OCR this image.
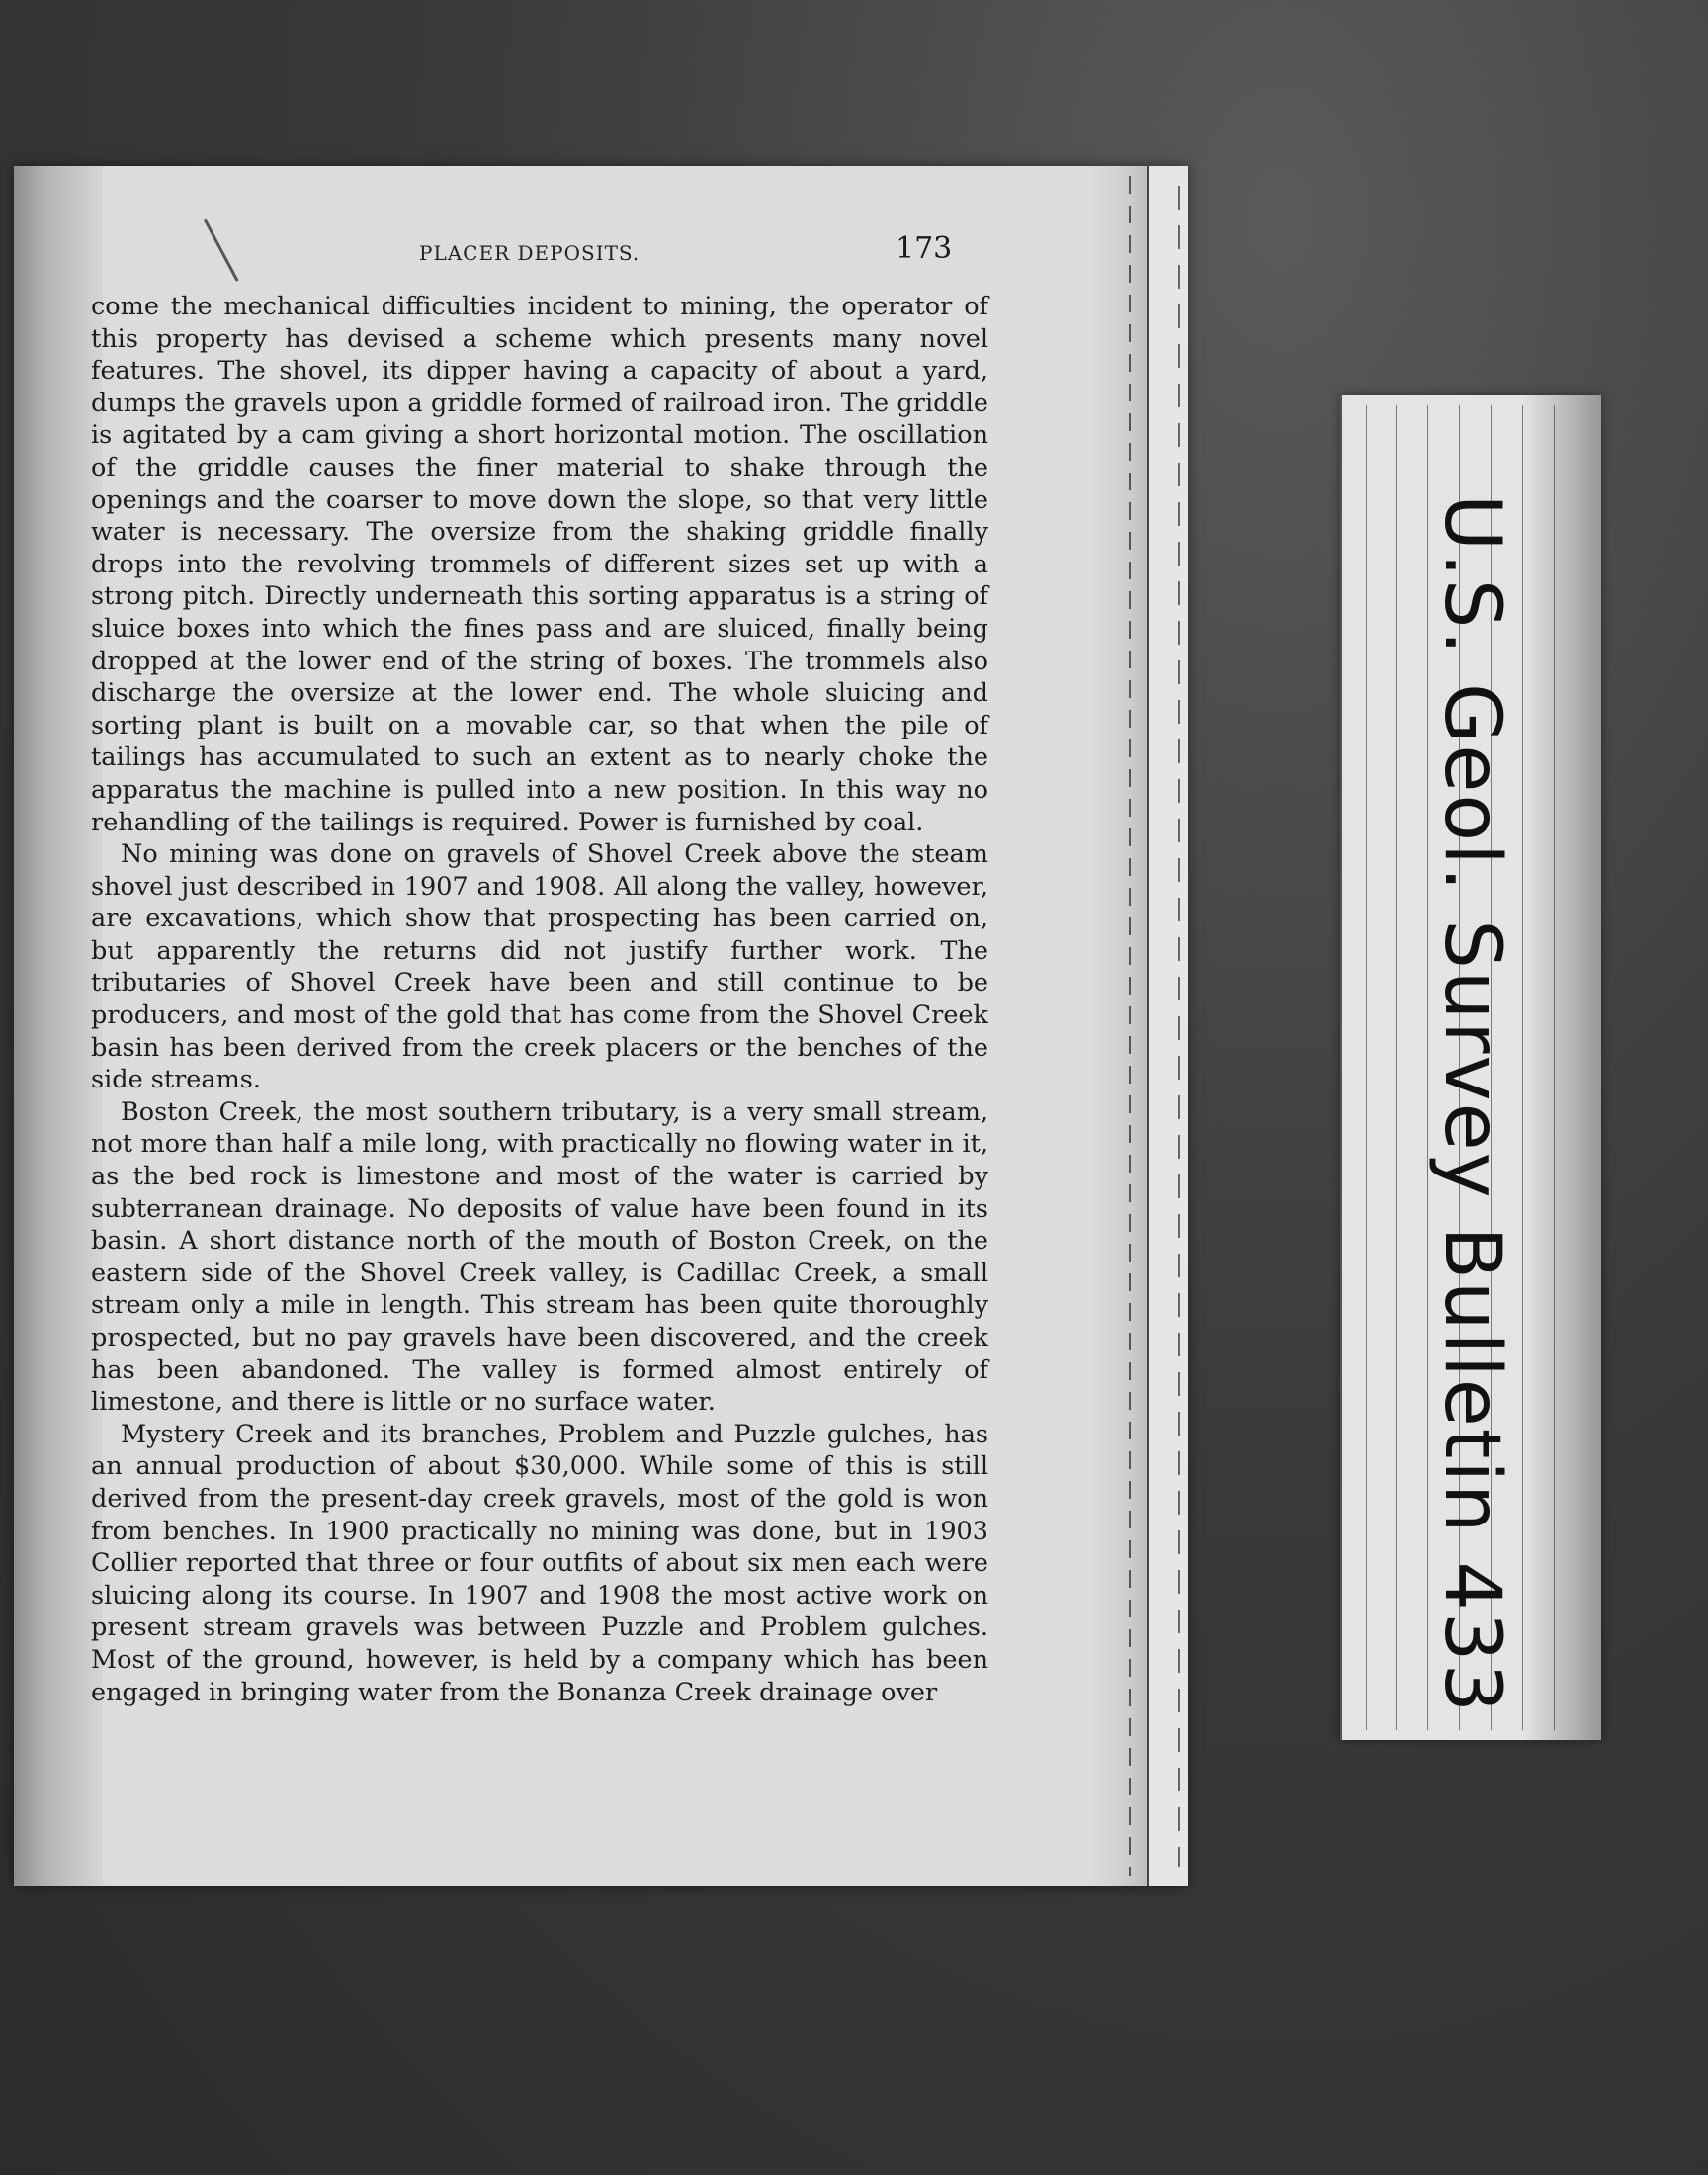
PLACER DEPOSITS.	173

come the mechanical difficulties incident to mining, the operator of this property has devised a scheme which presents many novel features. The shovel, its dipper having a capacity of about a yard, dumps the gravels upon a griddle formed of railroad iron. The griddle is agitated by a cam giving a short horizontal motion. The oscillation of the griddle causes the finer material to shake through the openings and the coarser to move down the slope, so that very little water is necessary. The oversize from the shaking griddle finally drops into the revolving trommels of different sizes set up with a strong pitch. Directly underneath this sorting apparatus is a string of sluice boxes into which the fines pass and are sluiced, finally being dropped at the lower end of the string of boxes. The trommels also discharge the oversize at the lower end. The whole sluicing and sorting plant is built on a movable car, so that when the pile of tailings has accumulated to such an extent as to nearly choke the apparatus the machine is pulled into a new position. In this way no rehandling of the tailings is required. Power is furnished by coal.

No mining was done on gravels of Shovel Creek above the steam shovel just described in 1907 and 1908. All along the valley, however, are excavations, which show that prospecting has been carried on, but apparently the returns did not justify further work. The tributaries of Shovel Creek have been and still continue to be producers, and most of the gold that has come from the Shovel Creek basin has been derived from the creek placers or the benches of the side streams.

Boston Creek, the most southern tributary, is a very small stream, not more than half a mile long, with practically no flowing water in it, as the bed rock is limestone and most of the water is carried by subterranean drainage. No deposits of value have been found in its basin. A short distance north of the mouth of Boston Creek, on the eastern side of the Shovel Creek valley, is Cadillac Creek, a small stream only a mile in length. This stream has been quite thoroughly prospected, but no pay gravels have been discovered, and the creek has been abandoned. The valley is formed almost entirely of limestone, and there is little or no surface water.

Mystery Creek and its branches, Problem and Puzzle gulches, has an annual production of about $30,000. While some of this is still derived from the present-day creek gravels, most of the gold is won from benches. In 1900 practically no mining was done, but in 1903 Collier reported that three or four outfits of about six men each were sluicing along its course. In 1907 and 1908 the most active work on present stream gravels was between Puzzle and Problem gulches. Most of the ground, however, is held by a company which has been engaged in bringing water from the Bonanza Creek drainage over	U.S. Geol. Survey Bulletin 433
